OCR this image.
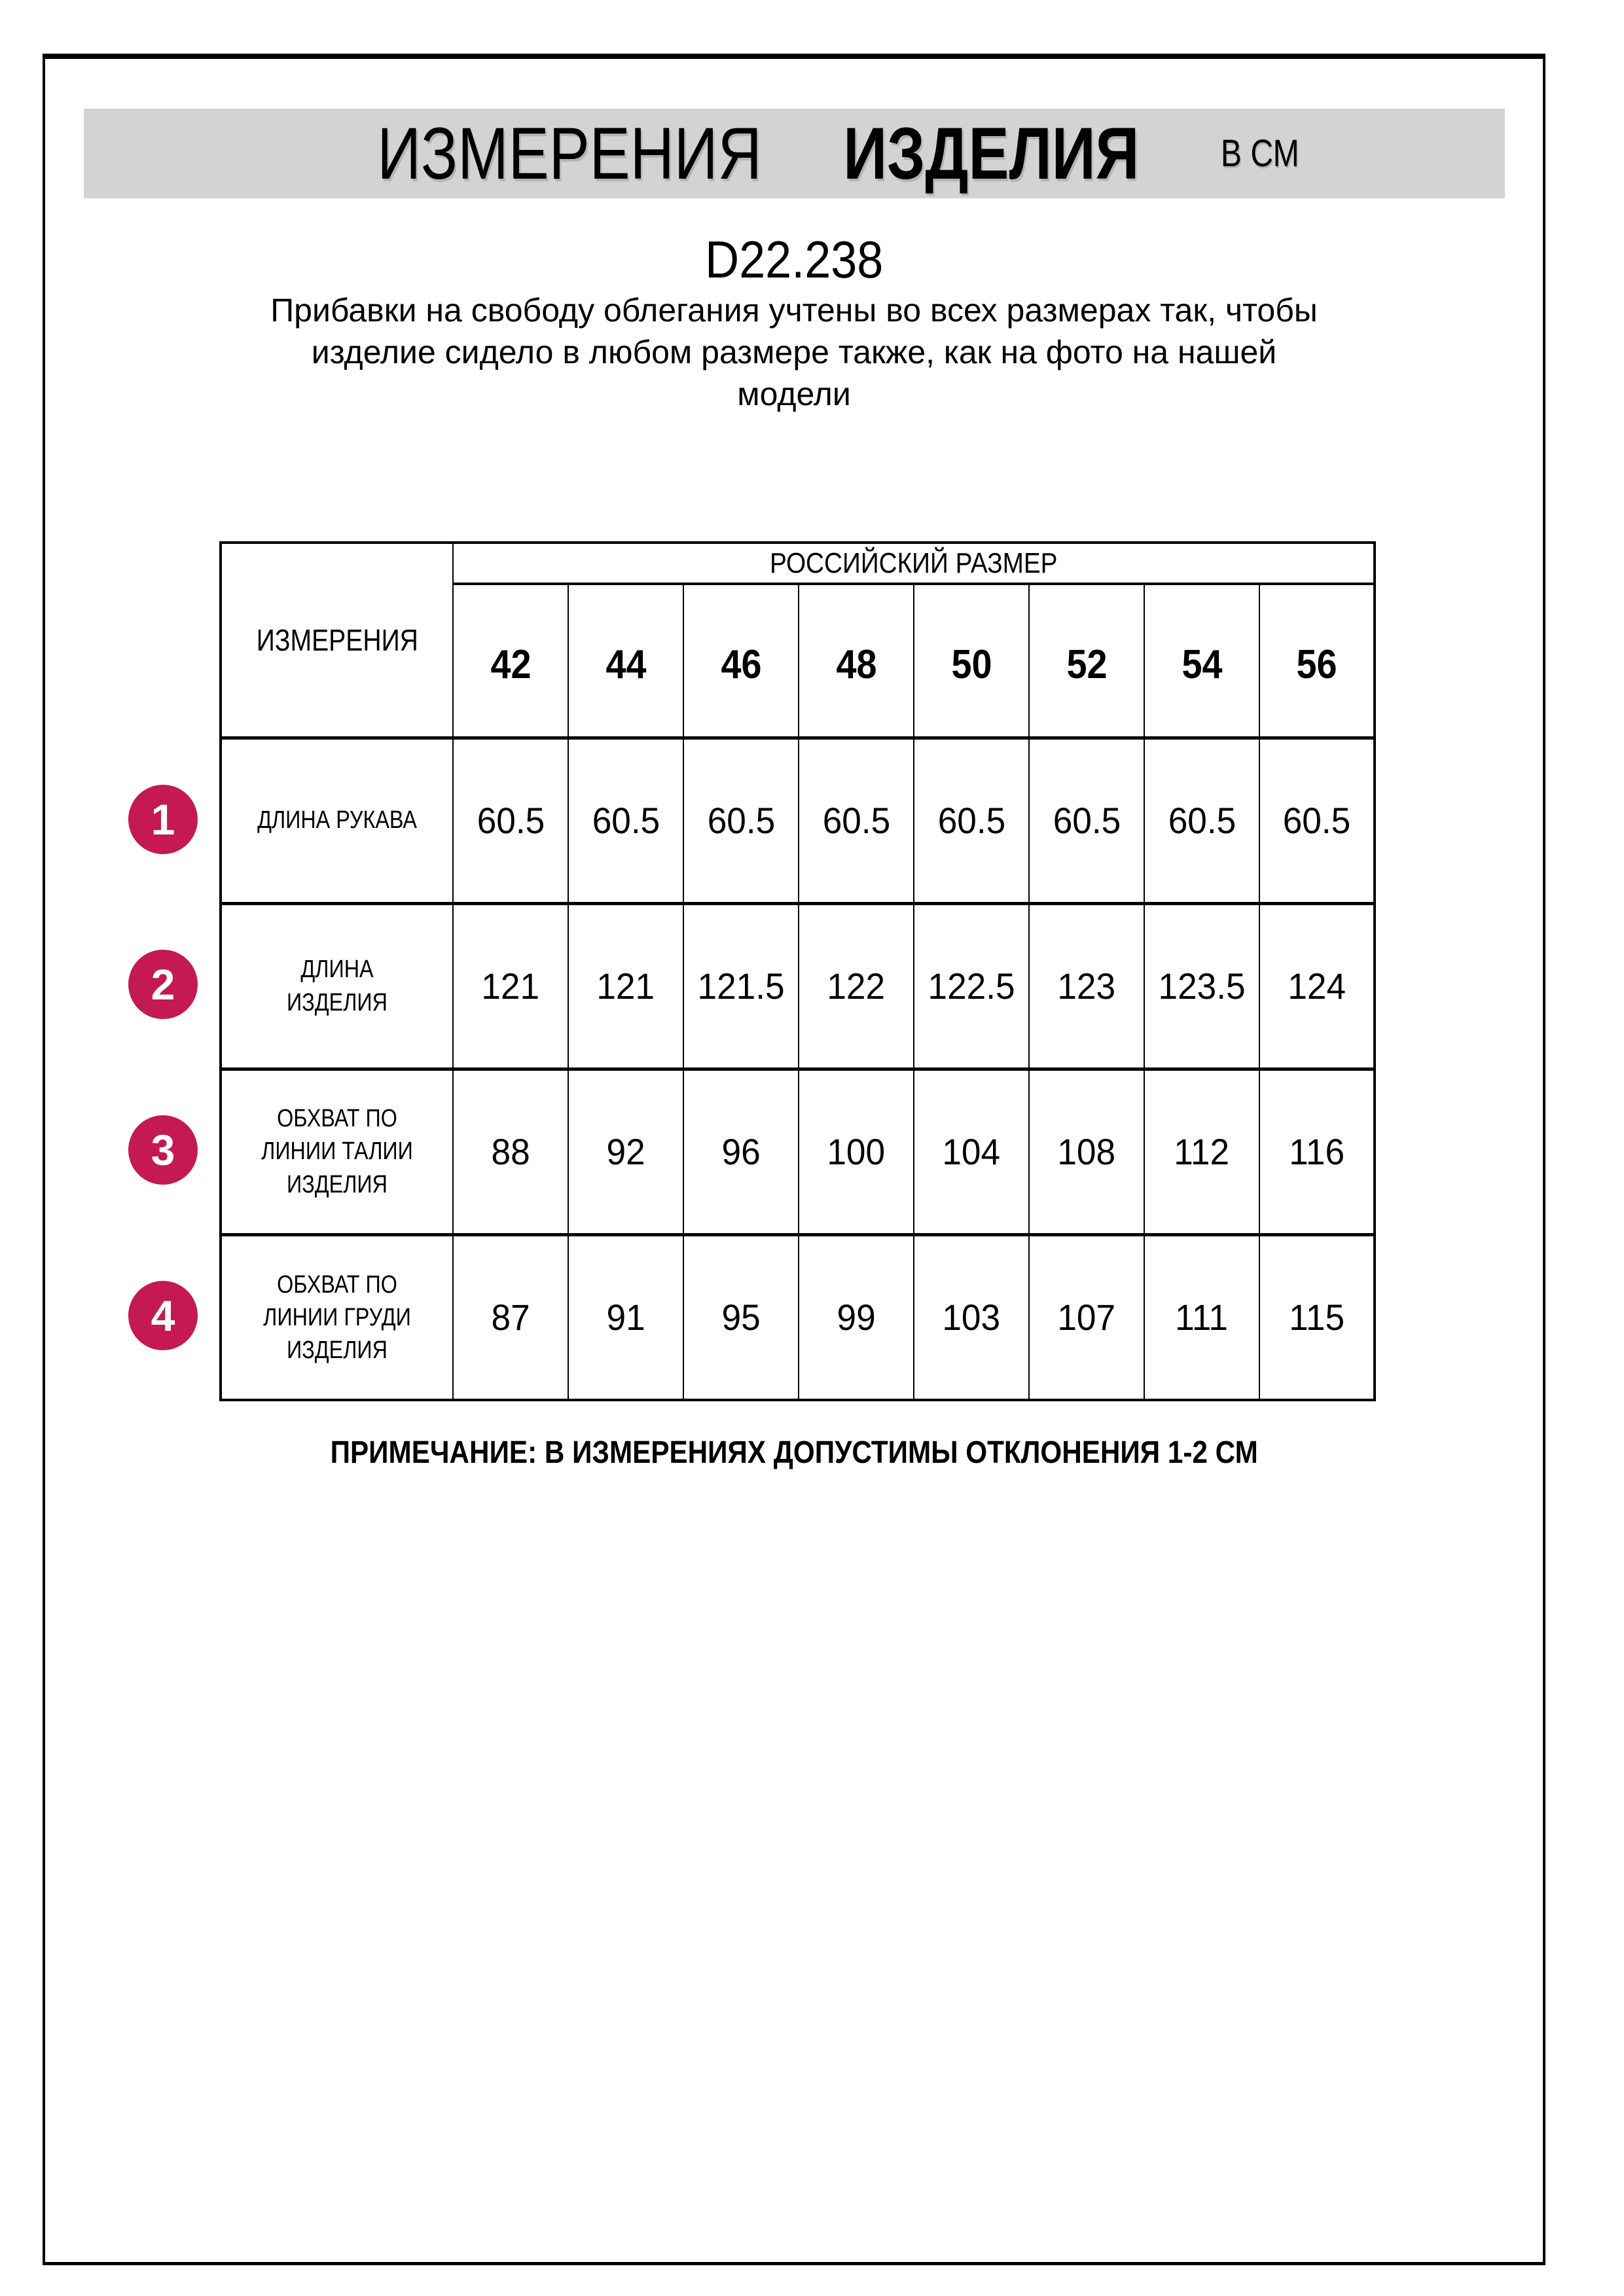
ИЗМЕРЕНИЯ ИЗДЕЛИЯ В СМ
D22.238
Прибавки на свободу облегания учтены во всех размерах так, чтобы
изделие сидело в любом размере также, как на фото на нашей
модели
ИЗМЕРЕНИЯ	РОССИЙСКИЙ РАЗМЕР							
	42	44	46	48	50	52	54	56
ДЛИНА РУКАВА	60.5	60.5	60.5	60.5	60.5	60.5	60.5	60.5
ДЛИНА ИЗДЕЛИЯ	121	121	121.5	122	122.5	123	123.5	124
ОБХВАТ ПО ЛИНИИ ТАЛИИ ИЗДЕЛИЯ	88	92	96	100	104	108	112	116
ОБХВАТ ПО ЛИНИИ ГРУДИ ИЗДЕЛИЯ	87	91	95	99	103	107	111	115
1
2
3
4
ПРИМЕЧАНИЕ: В ИЗМЕРЕНИЯХ ДОПУСТИМЫ ОТКЛОНЕНИЯ 1-2 СМ
